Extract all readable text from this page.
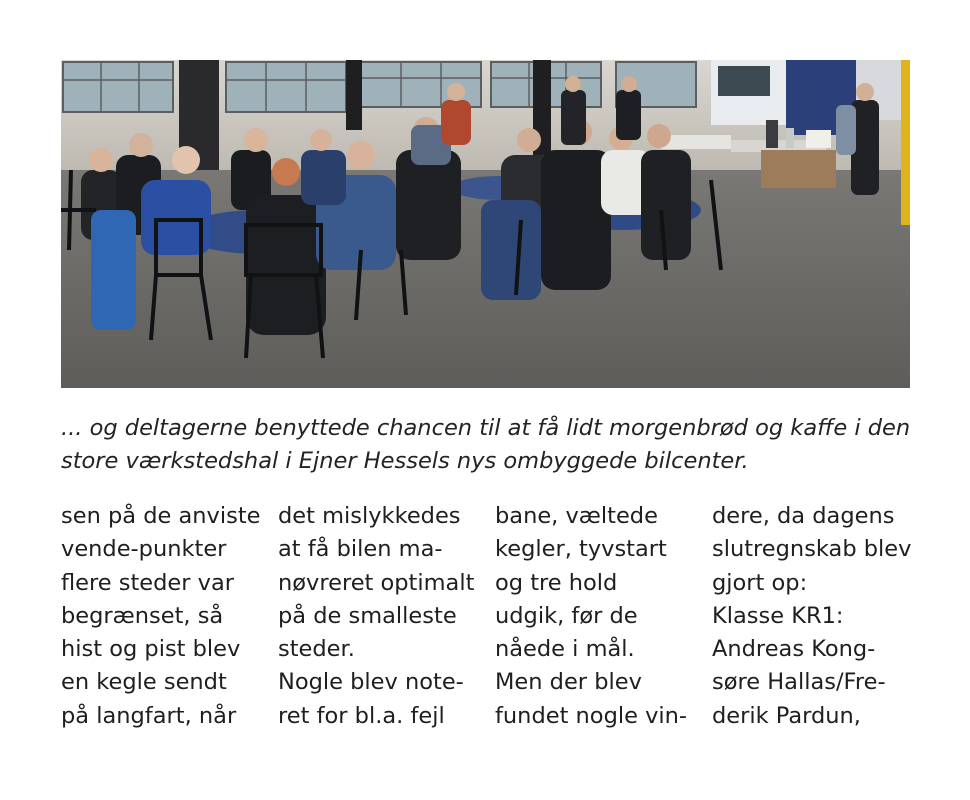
... og deltagerne benyttede chancen til at få lidt morgenbrød og kaffe i den
store værkstedshal i Ejner Hessels nys ombyggede bilcenter.
sen på de anviste
vende-punkter
flere steder var
begrænset, så
hist og pist blev
en kegle sendt
på langfart, når
det mislykkedes
at få bilen ma-
nøvreret optimalt
på de smalleste
steder.
Nogle blev note-
ret for bl.a. fejl
bane, væltede
kegler, tyvstart
og tre hold
udgik, før de
nåede i mål.
Men der blev
fundet nogle vin-
dere, da dagens
slutregnskab blev
gjort op:
Klasse KR1:
Andreas Kong-
søre Hallas/Fre-
derik Pardun,
